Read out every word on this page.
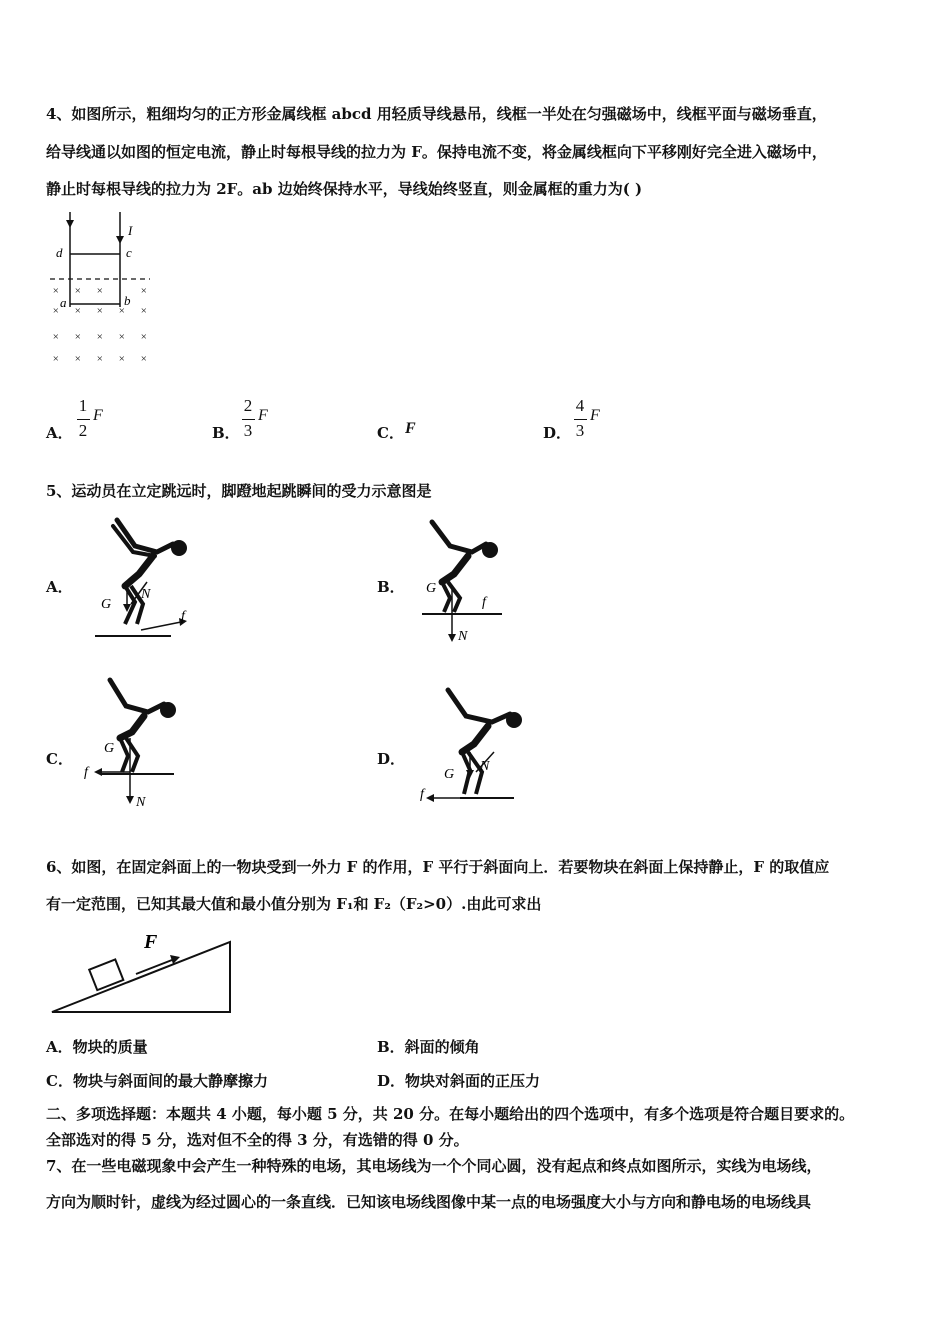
4、如图所示，粗细均匀的正方形金属线框 abcd 用轻质导线悬吊，线框一半处在匀强磁场中，线框平面与磁场垂直，
给导线通以如图的恒定电流，静止时每根导线的拉力为 F。保持电流不变，将金属线框向下平移刚好完全进入磁场中，
静止时每根导线的拉力为 2F。ab 边始终保持水平，导线始终竖直，则金属框的重力为( )
d	c
I
a	b
× × ×	×
× × × × ×
× × × × ×
× × × × ×
A．
1
2
F
B．
2
3
F
C． F	D．
4
3
F
5、运动员在立定跳远时，脚蹬地起跳瞬间的受力示意图是
A．
G
N
f
B． G
N
f
C．
G
N
f
D．
G
N
f
6、如图，在固定斜面上的一物块受到一外力 F 的作用，F 平行于斜面向上．若要物块在斜面上保持静止，F 的取值应
有一定范围，已知其最大值和最小值分别为 F₁和 F₂（F₂>0）.由此可求出
F
A．物块的质量	B．斜面的倾角
C．物块与斜面间的最大静摩擦力	D．物块对斜面的正压力
二、多项选择题：本题共 4 小题，每小题 5 分，共 20 分。在每小题给出的四个选项中，有多个选项是符合题目要求的。
全部选对的得 5 分，选对但不全的得 3 分，有选错的得 0 分。
7、在一些电磁现象中会产生一种特殊的电场，其电场线为一个个同心圆，没有起点和终点如图所示，实线为电场线，
方向为顺时针，虚线为经过圆心的一条直线．已知该电场线图像中某一点的电场强度大小与方向和静电场的电场线具
